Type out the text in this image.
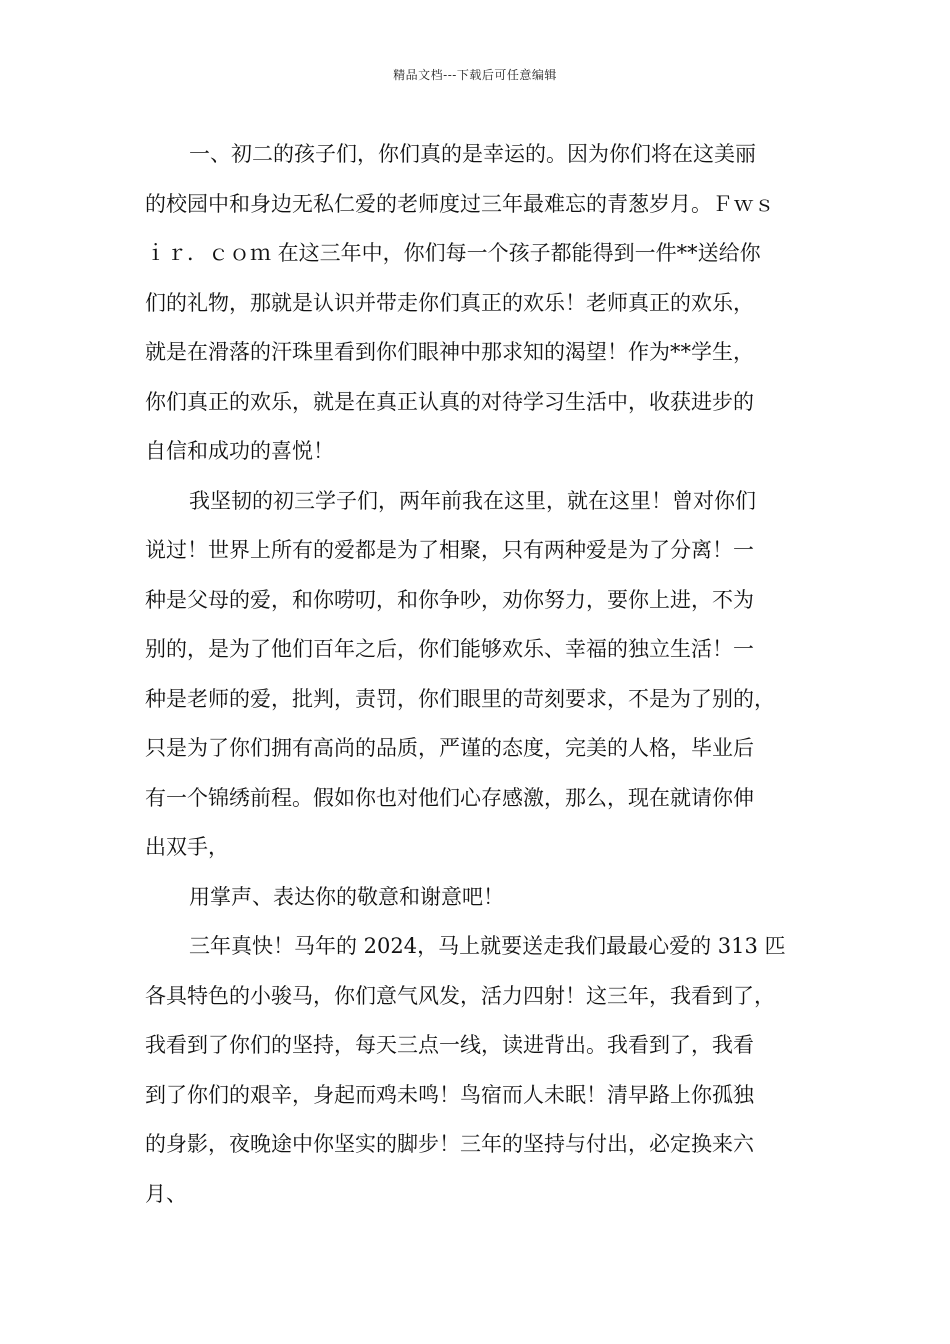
精品文档---下载后可任意编辑
一、初二的孩子们，你们真的是幸运的。因为你们将在这美丽
的校园中和身边无私仁爱的老师度过三年最难忘的青葱岁月。Ｆｗｓ
ｉｒ．ｃｏｍ 在这三年中，你们每一个孩子都能得到一件**送给你
们的礼物，那就是认识并带走你们真正的欢乐！老师真正的欢乐，
就是在滑落的汗珠里看到你们眼神中那求知的渴望！作为**学生，
你们真正的欢乐，就是在真正认真的对待学习生活中，收获进步的
自信和成功的喜悦！
我坚韧的初三学子们，两年前我在这里，就在这里！曾对你们
说过！世界上所有的爱都是为了相聚，只有两种爱是为了分离！一
种是父母的爱，和你唠叨，和你争吵，劝你努力，要你上进，不为
别的，是为了他们百年之后，你们能够欢乐、幸福的独立生活！一
种是老师的爱，批判，责罚，你们眼里的苛刻要求，不是为了别的，
只是为了你们拥有高尚的品质，严谨的态度，完美的人格，毕业后
有一个锦绣前程。假如你也对他们心存感激，那么，现在就请你伸
出双手，
用掌声、表达你的敬意和谢意吧！
三年真快！马年的 2024，马上就要送走我们最最心爱的 313 匹
各具特色的小骏马，你们意气风发，活力四射！这三年，我看到了，
我看到了你们的坚持，每天三点一线，读进背出。我看到了，我看
到了你们的艰辛，身起而鸡未鸣！鸟宿而人未眠！清早路上你孤独
的身影，夜晚途中你坚实的脚步！三年的坚持与付出，必定换来六
月、
